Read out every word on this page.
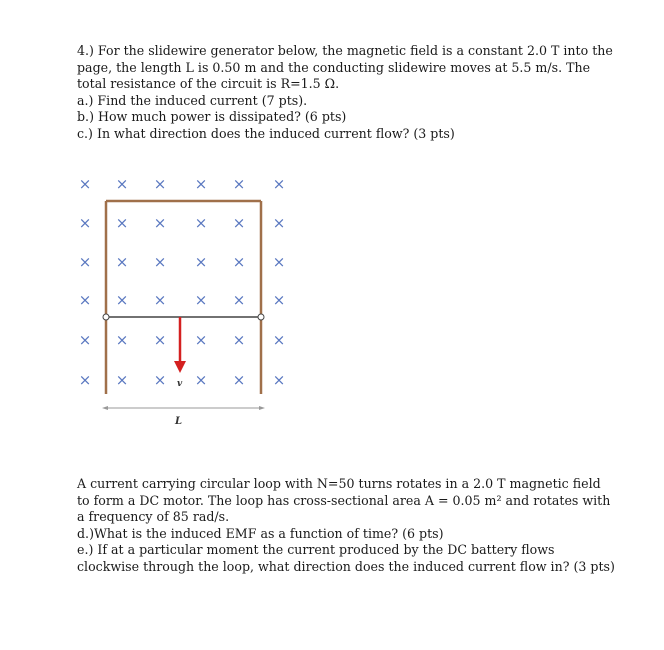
4.) For the slidewire generator below, the magnetic field is a constant 2.0 T into the page, the length L is 0.50 m and the conducting slidewire moves at 5.5 m/s. The total resistance of the circuit is R=1.5 Ω.

a.) Find the induced current (7 pts).

b.) How much power is dissipated? (6 pts)

c.) In what direction does the induced current flow? (3 pts)

× × × × × ×
× × × × × ×
× × × × × ×
× × × × × ×
× × × × × ×
× × × × × ×
v
L

A current carrying circular loop with N=50 turns rotates in a 2.0 T magnetic field to form a DC motor. The loop has cross-sectional area A = 0.05 m² and rotates with a frequency of 85 rad/s.

d.)What is the induced EMF as a function of time? (6 pts)

e.) If at a particular moment the current produced by the DC battery flows clockwise through the loop, what direction does the induced current flow in? (3 pts)
